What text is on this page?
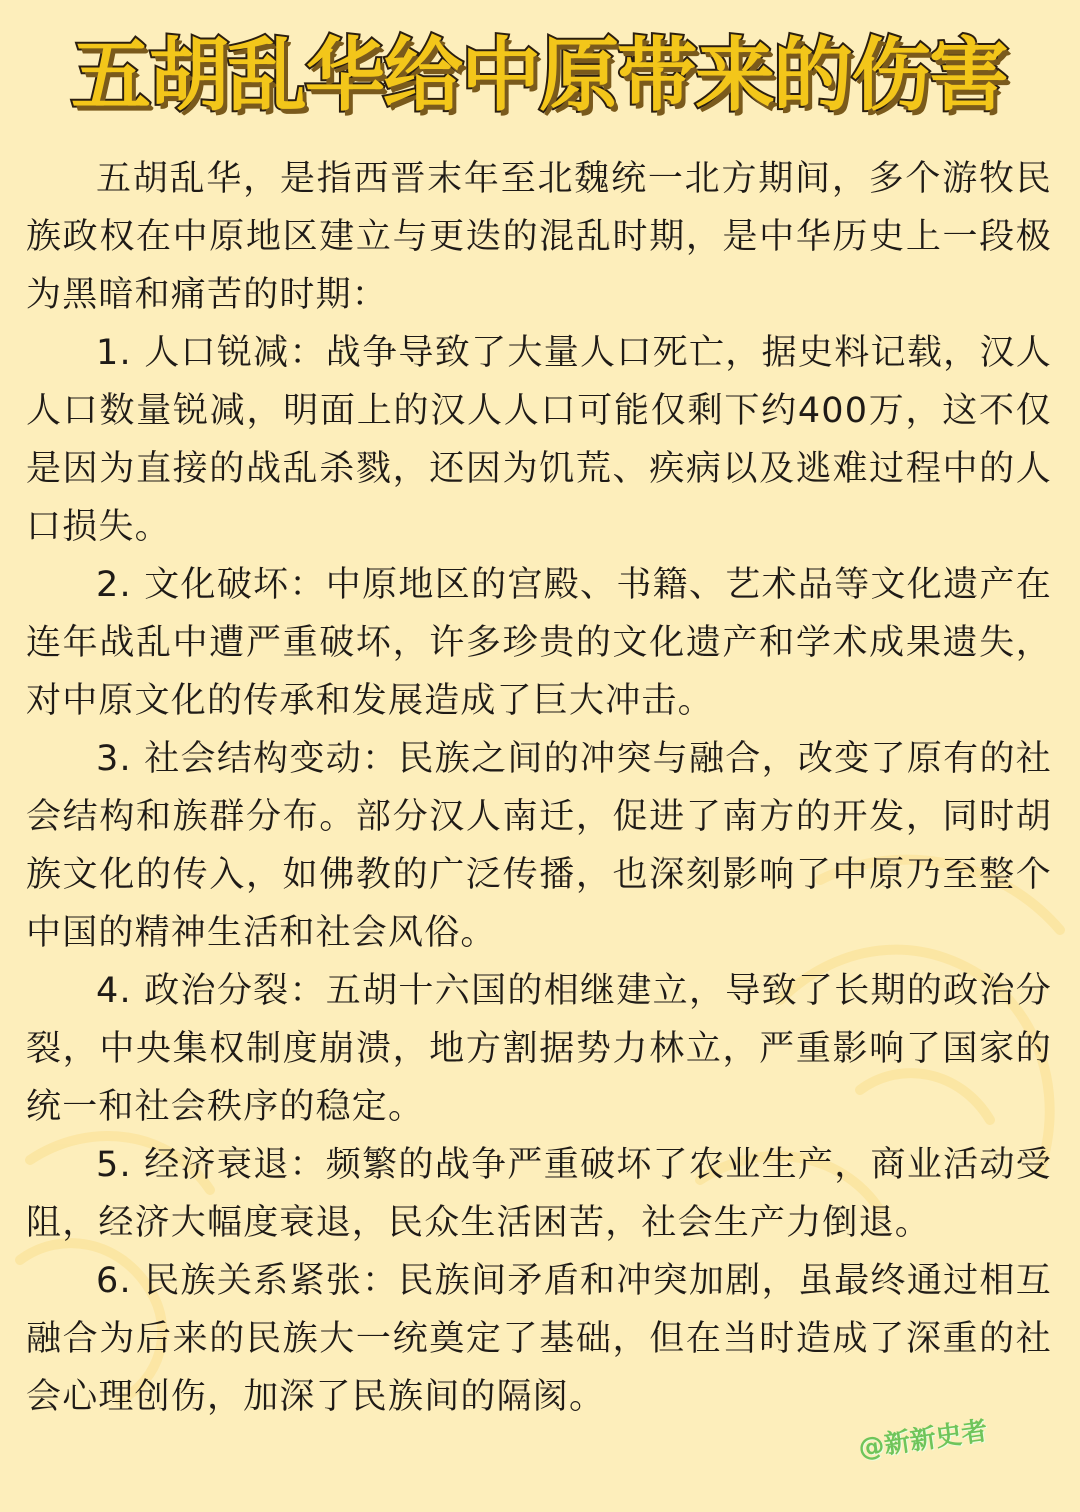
五胡乱华给中原带来的伤害

五胡乱华，是指西晋末年至北魏统一北方期间，多个游牧民族政权在中原地区建立与更迭的混乱时期，是中华历史上一段极为黑暗和痛苦的时期：

1. 人口锐减：战争导致了大量人口死亡，据史料记载，汉人人口数量锐减，明面上的汉人人口可能仅剩下约400万，这不仅是因为直接的战乱杀戮，还因为饥荒、疾病以及逃难过程中的人口损失。

2. 文化破坏：中原地区的宫殿、书籍、艺术品等文化遗产在连年战乱中遭严重破坏，许多珍贵的文化遗产和学术成果遗失，对中原文化的传承和发展造成了巨大冲击。

3. 社会结构变动：民族之间的冲突与融合，改变了原有的社会结构和族群分布。部分汉人南迁，促进了南方的开发，同时胡族文化的传入，如佛教的广泛传播，也深刻影响了中原乃至整个中国的精神生活和社会风俗。

4. 政治分裂：五胡十六国的相继建立，导致了长期的政治分裂，中央集权制度崩溃，地方割据势力林立，严重影响了国家的统一和社会秩序的稳定。

5. 经济衰退：频繁的战争严重破坏了农业生产，商业活动受阻，经济大幅度衰退，民众生活困苦，社会生产力倒退。

6. 民族关系紧张：民族间矛盾和冲突加剧，虽最终通过相互融合为后来的民族大一统奠定了基础，但在当时造成了深重的社会心理创伤，加深了民族间的隔阂。

@新新史者
